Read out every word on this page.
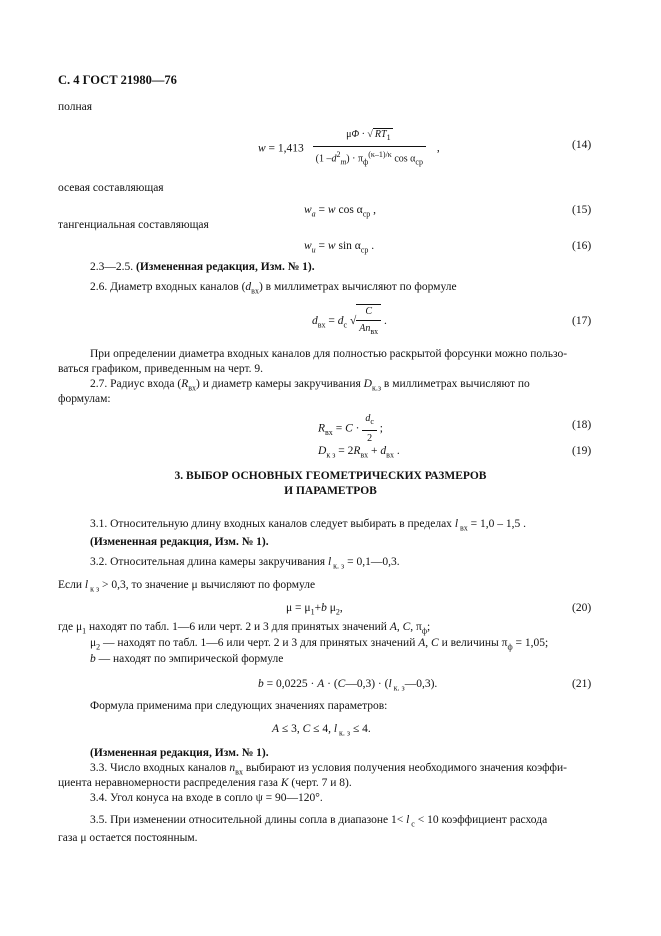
С. 4 ГОСТ 21980—76
полная
$w = 1,413 \frac{\mu\Phi \cdot √ RT_1}{(1 -d^2_m) \cdot \pi_ф^{(\kappa-1)/\kappa} \cos \alpha_{ср}}$ ,	(14)
осевая составляющая
$w_a = w$ $\cos \alpha_{ср}$ ,	(15)
тангенциальная составляющая
$w_u = w$ $\sin \alpha_{ср}$ .	(16)
2.3—2.5. (Измененная редакция, Изм. № 1).
2.6. Диаметр входных каналов $(d_{вх})$ в миллиметрах вычисляют по формуле
$d_{вх} = d_с$ √ $\frac{C}{An_{вх}}$ .	(17)
При определении диаметра входных каналов для полностью раскрытой форсунки можно пользо-
ваться графиком, приведенным на черт. 9.
2.7. Радиус входа $(R_{вх})$ и диаметр камеры закручивания $D_{к.з}$ в миллиметрах вычисляют по
формулам:
$R_{вх} = C \cdot \frac{d_с}{2}$ ;	(18)
$D_{к з} = 2R_{вх} + d_{вх}$ .	(19)
3. ВЫБОР ОСНОВНЫХ ГЕОМЕТРИЧЕСКИХ РАЗМЕРОВ
И ПАРАМЕТРОВ
3.1. Относительную длину входных каналов следует выбирать в пределах l $_{вх}$ = 1,0 – 1,5 .
(Измененная редакция, Изм. № 1).
3.2. Относительная длина камеры закручивания l $_{к. з}$ = 0,1—0,3.
Если l $_{к з}$ > 0,3, то значение μ вычисляют по формуле
$\mu = \mu_1+b$ $\mu_2$,	(20)
где $\mu_1$ находят по табл. 1—6 или черт. 2 и 3 для принятых значений A, C, $\pi_ф$;
$\mu_2$ — находят по табл. 1—6 или черт. 2 и 3 для принятых значений A, C и величины $\pi_ф = 1,05$;
b — находят по эмпирической формуле
b = 0,0225 · A · (C—0,3) · (l $_{к. з}$—0,3).	(21)
Формула применима при следующих значениях параметров:
A ≤ 3, C ≤ 4, l $_{к. з}$ ≤ 4.
(Измененная редакция, Изм. № 1).
3.3. Число входных каналов $n_{вх}$ выбирают из условия получения необходимого значения коэффи-
циента неравномерности распределения газа K (черт. 7 и 8).
3.4. Угол конуса на входе в сопло ψ = 90—120°.
3.5. При изменении относительной длины сопла в диапазоне 1< l $_с$ < 10 коэффициент расхода
газа μ остается постоянным.
